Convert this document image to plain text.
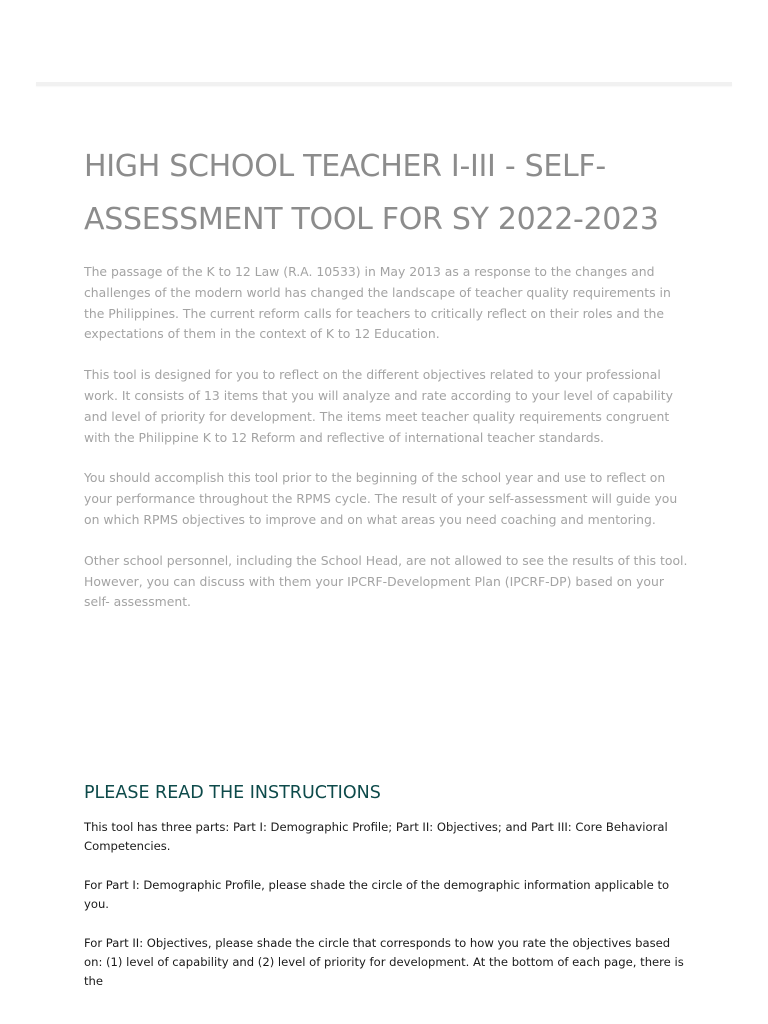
HIGH SCHOOL TEACHER I-III - SELF-ASSESSMENT TOOL FOR SY 2022-2023

The passage of the K to 12 Law (R.A. 10533) in May 2013 as a response to the changes and challenges of the modern world has changed the landscape of teacher quality requirements in the Philippines. The current reform calls for teachers to critically reflect on their roles and the expectations of them in the context of K to 12 Education.

This tool is designed for you to reflect on the different objectives related to your professional work. It consists of 13 items that you will analyze and rate according to your level of capability and level of priority for development. The items meet teacher quality requirements congruent with the Philippine K to 12 Reform and reflective of international teacher standards.

You should accomplish this tool prior to the beginning of the school year and use to reflect on your performance throughout the RPMS cycle. The result of your self-assessment will guide you on which RPMS objectives to improve and on what areas you need coaching and mentoring.

Other school personnel, including the School Head, are not allowed to see the results of this tool. However, you can discuss with them your IPCRF-Development Plan (IPCRF-DP) based on your self- assessment.

PLEASE READ THE INSTRUCTIONS

This tool has three parts: Part I: Demographic Profile; Part II: Objectives; and Part III: Core Behavioral Competencies.

For Part I: Demographic Profile, please shade the circle of the demographic information applicable to you.

For Part II: Objectives, please shade the circle that corresponds to how you rate the objectives based on: (1) level of capability and (2) level of priority for development. At the bottom of each page, there is the
